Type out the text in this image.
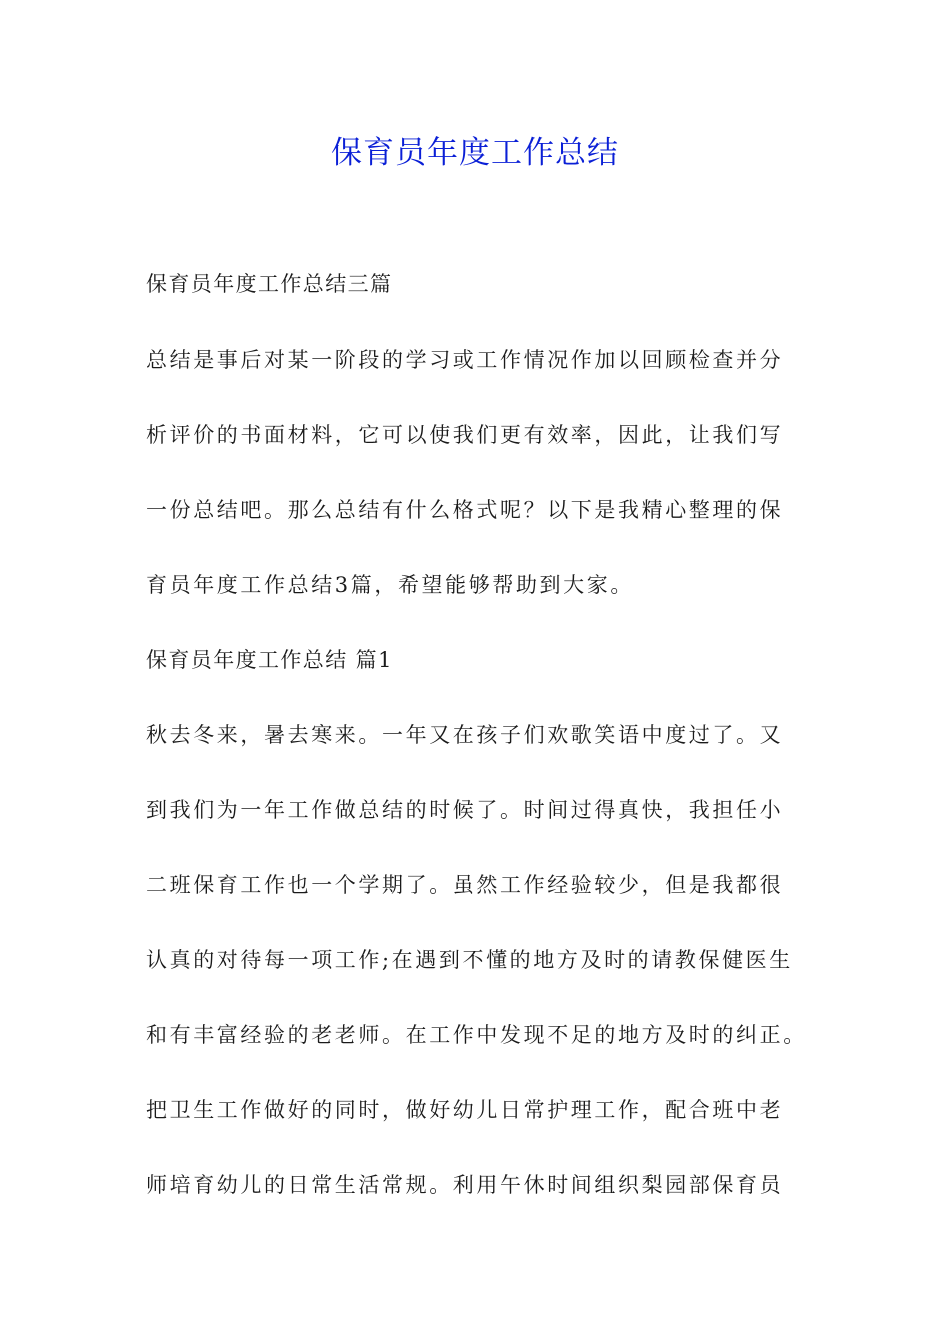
保育员年度工作总结

保育员年度工作总结三篇

总结是事后对某一阶段的学习或工作情况作加以回顾检查并分

析评价的书面材料，它可以使我们更有效率，因此，让我们写

一份总结吧。那么总结有什么格式呢？以下是我精心整理的保

育员年度工作总结3篇，希望能够帮助到大家。

保育员年度工作总结 篇1

秋去冬来，暑去寒来。一年又在孩子们欢歌笑语中度过了。又

到我们为一年工作做总结的时候了。时间过得真快，我担任小

二班保育工作也一个学期了。虽然工作经验较少，但是我都很

认真的对待每一项工作;在遇到不懂的地方及时的请教保健医生

和有丰富经验的老老师。在工作中发现不足的地方及时的纠正。

把卫生工作做好的同时，做好幼儿日常护理工作，配合班中老

师培育幼儿的日常生活常规。利用午休时间组织梨园部保育员
